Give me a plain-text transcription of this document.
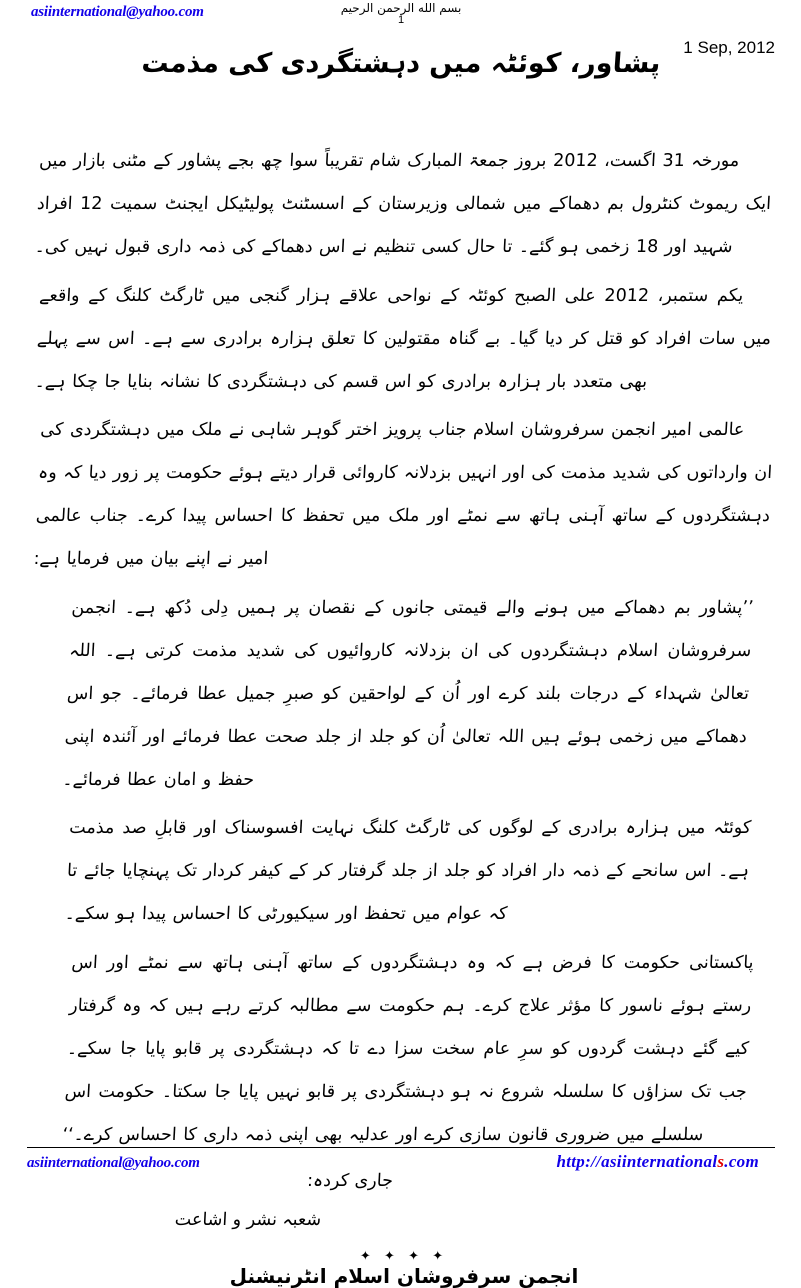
asiinternational@yahoo.com	بسم الله الرحمن الرحيم
1
1 Sep, 2012
پشاور، کوئٹہ میں دہشتگردی کی مذمت

مورخہ 31 اگست، 2012 بروز جمعۃ المبارک شام تقریباً سوا چھ بجے پشاور کے مٹنی بازار میں ایک ریموٹ کنٹرول بم دھماکے میں شمالی وزیرستان کے اسسٹنٹ پولیٹیکل ایجنٹ سمیت 12 افراد شہید اور 18 زخمی ہو گئے۔ تا حال کسی تنظیم نے اس دھماکے کی ذمہ داری قبول نہیں کی۔

یکم ستمبر، 2012 علی الصبح کوئٹہ کے نواحی علاقے ہزار گنجی میں ٹارگٹ کلنگ کے واقعے میں سات افراد کو قتل کر دیا گیا۔ بے گناہ مقتولین کا تعلق ہزارہ برادری سے ہے۔ اس سے پہلے بھی متعدد بار ہزارہ برادری کو اس قسم کی دہشتگردی کا نشانہ بنایا جا چکا ہے۔

عالمی امیر انجمن سرفروشان اسلام جناب پرویز اختر گوہر شاہی نے ملک میں دہشتگردی کی ان وارداتوں کی شدید مذمت کی اور انہیں بزدلانہ کاروائی قرار دیتے ہوئے حکومت پر زور دیا کہ وہ دہشتگردوں کے ساتھ آہنی ہاتھ سے نمٹے اور ملک میں تحفظ کا احساس پیدا کرے۔ جناب عالمی امیر نے اپنے بیان میں فرمایا ہے:

’’پشاور بم دھماکے میں ہونے والے قیمتی جانوں کے نقصان پر ہمیں دِلی دُکھ ہے۔ انجمن سرفروشان اسلام دہشتگردوں کی ان بزدلانہ کاروائیوں کی شدید مذمت کرتی ہے۔ اللہ تعالیٰ شہداء کے درجات بلند کرے اور اُن کے لواحقین کو صبرِ جمیل عطا فرمائے۔ جو اس دھماکے میں زخمی ہوئے ہیں اللہ تعالیٰ اُن کو جلد از جلد صحت عطا فرمائے اور آئندہ اپنی حفظ و امان عطا فرمائے۔

کوئٹہ میں ہزارہ برادری کے لوگوں کی ٹارگٹ کلنگ نہایت افسوسناک اور قابلِ صد مذمت ہے۔ اس سانحے کے ذمہ دار افراد کو جلد از جلد گرفتار کر کے کیفر کردار تک پہنچایا جائے تا کہ عوام میں تحفظ اور سیکیورٹی کا احساس پیدا ہو سکے۔

پاکستانی حکومت کا فرض ہے کہ وہ دہشتگردوں کے ساتھ آہنی ہاتھ سے نمٹے اور اس رستے ہوئے ناسور کا مؤثر علاج کرے۔ ہم حکومت سے مطالبہ کرتے رہے ہیں کہ وہ گرفتار کیے گئے دہشت گردوں کو سرِ عام سخت سزا دے تا کہ دہشتگردی پر قابو پایا جا سکے۔ جب تک سزاؤں کا سلسلہ شروع نہ ہو دہشتگردی پر قابو نہیں پایا جا سکتا۔ حکومت اس سلسلے میں ضروری قانون سازی کرے اور عدلیہ بھی اپنی ذمہ داری کا احساس کرے۔‘‘

جاری کردہ:
شعبہ نشر و اشاعت
✦ ✦ ✦ ✦
انجمن سرفروشان اسلام انٹرنیشنل
asiinternational@yahoo.com	http://asiinternationals.com
